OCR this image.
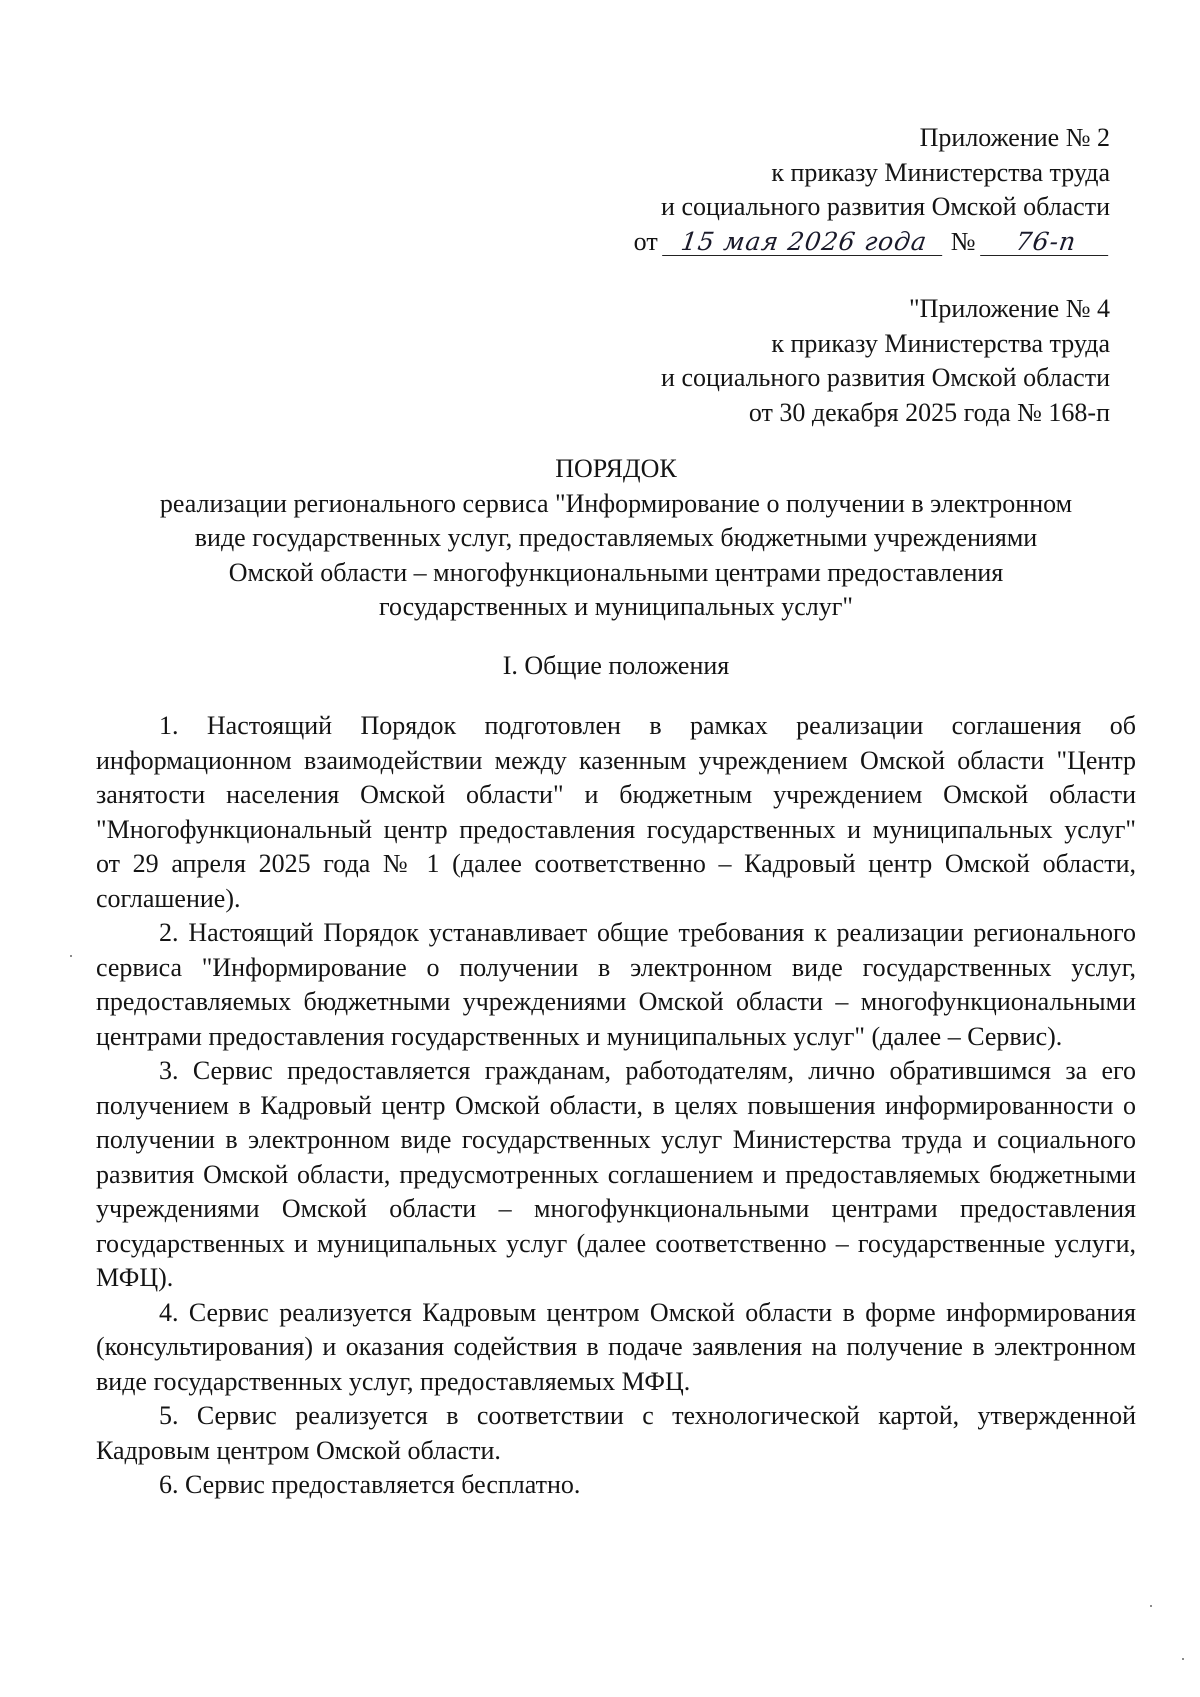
Приложение № 2
к приказу Министерства труда
и социального развития Омской области
от 15 мая 2026 года № 76-п
"Приложение № 4
к приказу Министерства труда
и социального развития Омской области
от 30 декабря 2025 года № 168-п
ПОРЯДОК
реализации регионального сервиса "Информирование о получении в электронном
виде государственных услуг, предоставляемых бюджетными учреждениями
Омской области – многофункциональными центрами предоставления
государственных и муниципальных услуг"
I. Общие положения

1. Настоящий Порядок подготовлен в рамках реализации соглашения об информационном взаимодействии между казенным учреждением Омской области "Центр занятости населения Омской области" и бюджетным учреждением Омской области "Многофункциональный центр предоставления государственных и муниципальных услуг" от 29 апреля 2025 года № 1 (далее соответственно – Кадровый центр Омской области, соглашение).

2. Настоящий Порядок устанавливает общие требования к реализации регионального сервиса "Информирование о получении в электронном виде государственных услуг, предоставляемых бюджетными учреждениями Омской области – многофункциональными центрами предоставления государственных и муниципальных услуг" (далее – Сервис).

3. Сервис предоставляется гражданам, работодателям, лично обратившимся за его получением в Кадровый центр Омской области, в целях повышения информированности о получении в электронном виде государственных услуг Министерства труда и социального развития Омской области, предусмотренных соглашением и предоставляемых бюджетными учреждениями Омской области – многофункциональными центрами предоставления государственных и муниципальных услуг (далее соответственно – государственные услуги, МФЦ).

4. Сервис реализуется Кадровым центром Омской области в форме информирования (консультирования) и оказания содействия в подаче заявления на получение в электронном виде государственных услуг, предоставляемых МФЦ.

5. Сервис реализуется в соответствии с технологической картой, утвержденной Кадровым центром Омской области.

6. Сервис предоставляется бесплатно.
